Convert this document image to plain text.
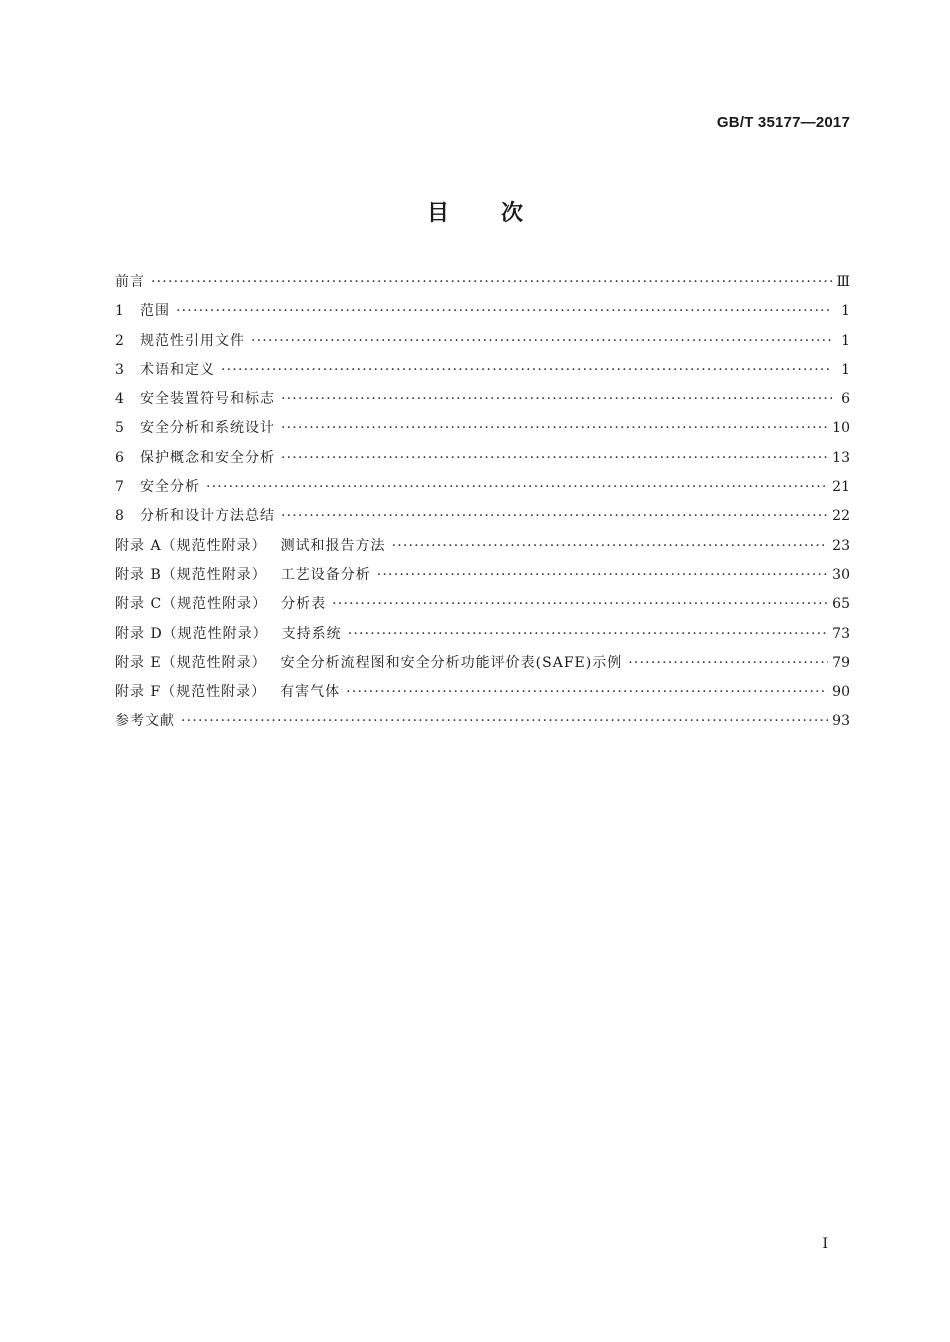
GB/T 35177—2017
目次
前言 ·····	Ⅲ
1	范围 ·····	1
2	规范性引用文件 ·····	1
3	术语和定义 ·····	1
4	安全装置符号和标志 ·····	6
5	安全分析和系统设计 ·····	10
6	保护概念和安全分析 ·····	13
7	安全分析 ·····	21
8	分析和设计方法总结 ·····	22
附录 A（规范性附录） 测试和报告方法 ·····	23
附录 B（规范性附录） 工艺设备分析 ·····	30
附录 C（规范性附录） 分析表 ·····	65
附录 D（规范性附录） 支持系统 ·····	73
附录 E（规范性附录） 安全分析流程图和安全分析功能评价表(SAFE)示例 ·····	79
附录 F（规范性附录） 有害气体 ·····	90
参考文献 ·····	93
I
